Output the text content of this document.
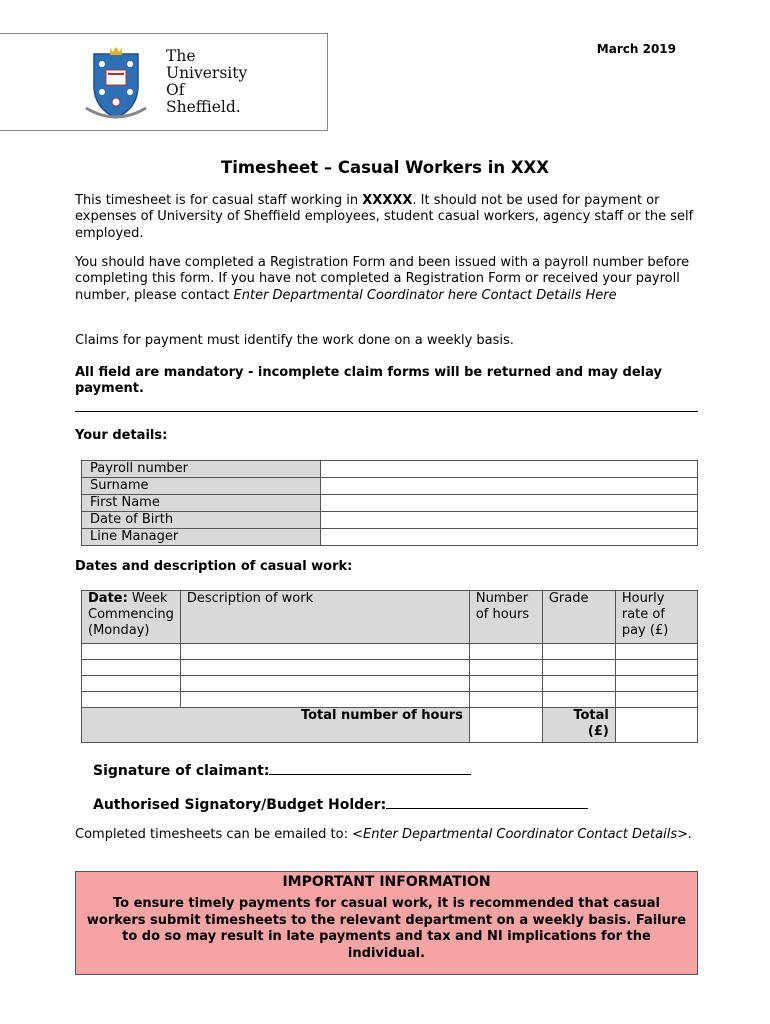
The
University
Of
Sheffield.
March 2019
Timesheet – Casual Workers in XXX
This timesheet is for casual staff working in XXXXX. It should not be used for payment or expenses of University of Sheffield employees, student casual workers, agency staff or the self employed.
You should have completed a Registration Form and been issued with a payroll number before completing this form. If you have not completed a Registration Form or received your payroll number, please contact Enter Departmental Coordinator here Contact Details Here
Claims for payment must identify the work done on a weekly basis.
All field are mandatory - incomplete claim forms will be returned and may delay payment.
Your details:
Payroll number	
Surname	
First Name	
Date of Birth	
Line Manager	
Dates and description of casual work:
Date: Week Commencing (Monday)	Description of work	Number of hours	Grade	Hourly rate of pay (£)

Total number of hours			Total (£)	
Signature of claimant:
Authorised Signatory/Budget Holder:
Completed timesheets can be emailed to: <Enter Departmental Coordinator Contact Details>.
IMPORTANT INFORMATION
To ensure timely payments for casual work, it is recommended that casual workers submit timesheets to the relevant department on a weekly basis. Failure to do so may result in late payments and tax and NI implications for the individual.
